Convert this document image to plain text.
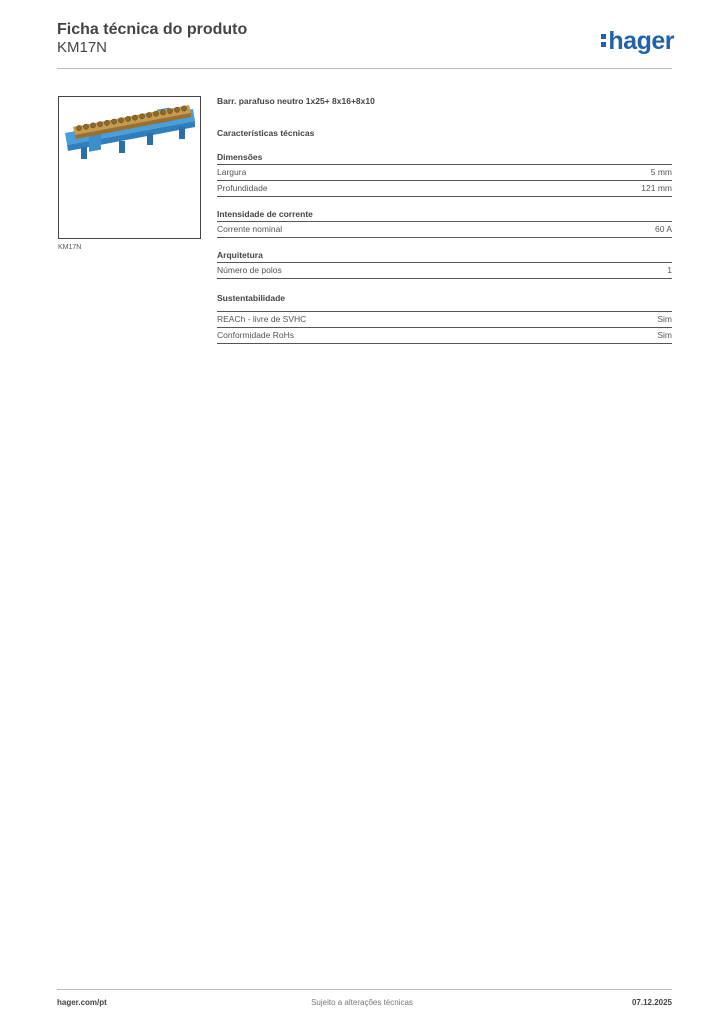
Ficha técnica do produto
KM17N	hager
KM17N
Barr. parafuso neutro 1x25+ 8x16+8x10
Características técnicas
Dimensões
Largura	5 mm
Profundidade	121 mm
Intensidade de corrente
Corrente nominal	60 A
Arquitetura
Número de polos	1
Sustentabilidade
REACh - livre de SVHC	Sim
Conformidade RoHs	Sim
hager.com/pt	Sujeito a alterações técnicas	07.12.2025
